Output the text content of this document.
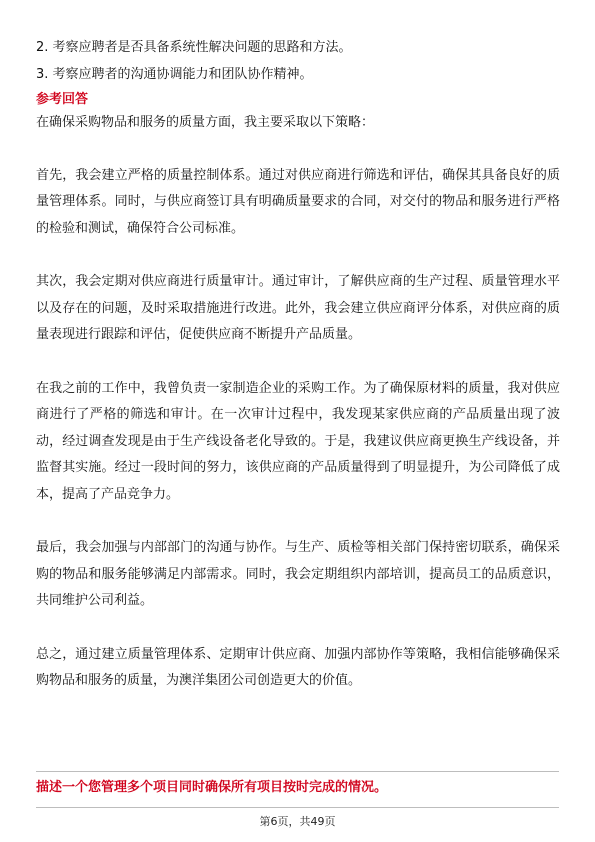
2. 考察应聘者是否具备系统性解决问题的思路和方法。

3. 考察应聘者的沟通协调能力和团队协作精神。

参考回答

在确保采购物品和服务的质量方面，我主要采取以下策略：

首先，我会建立严格的质量控制体系。通过对供应商进行筛选和评估，确保其具备良好的质量管理体系。同时，与供应商签订具有明确质量要求的合同，对交付的物品和服务进行严格的检验和测试，确保符合公司标准。

其次，我会定期对供应商进行质量审计。通过审计，了解供应商的生产过程、质量管理水平以及存在的问题，及时采取措施进行改进。此外，我会建立供应商评分体系，对供应商的质量表现进行跟踪和评估，促使供应商不断提升产品质量。

在我之前的工作中，我曾负责一家制造企业的采购工作。为了确保原材料的质量，我对供应商进行了严格的筛选和审计。在一次审计过程中，我发现某家供应商的产品质量出现了波动，经过调查发现是由于生产线设备老化导致的。于是，我建议供应商更换生产线设备，并监督其实施。经过一段时间的努力，该供应商的产品质量得到了明显提升，为公司降低了成本，提高了产品竞争力。

最后，我会加强与内部部门的沟通与协作。与生产、质检等相关部门保持密切联系，确保采购的物品和服务能够满足内部需求。同时，我会定期组织内部培训，提高员工的品质意识，共同维护公司利益。

总之，通过建立质量管理体系、定期审计供应商、加强内部协作等策略，我相信能够确保采购物品和服务的质量，为澳洋集团公司创造更大的价值。

描述一个您管理多个项目同时确保所有项目按时完成的情况。
第6页，共49页
